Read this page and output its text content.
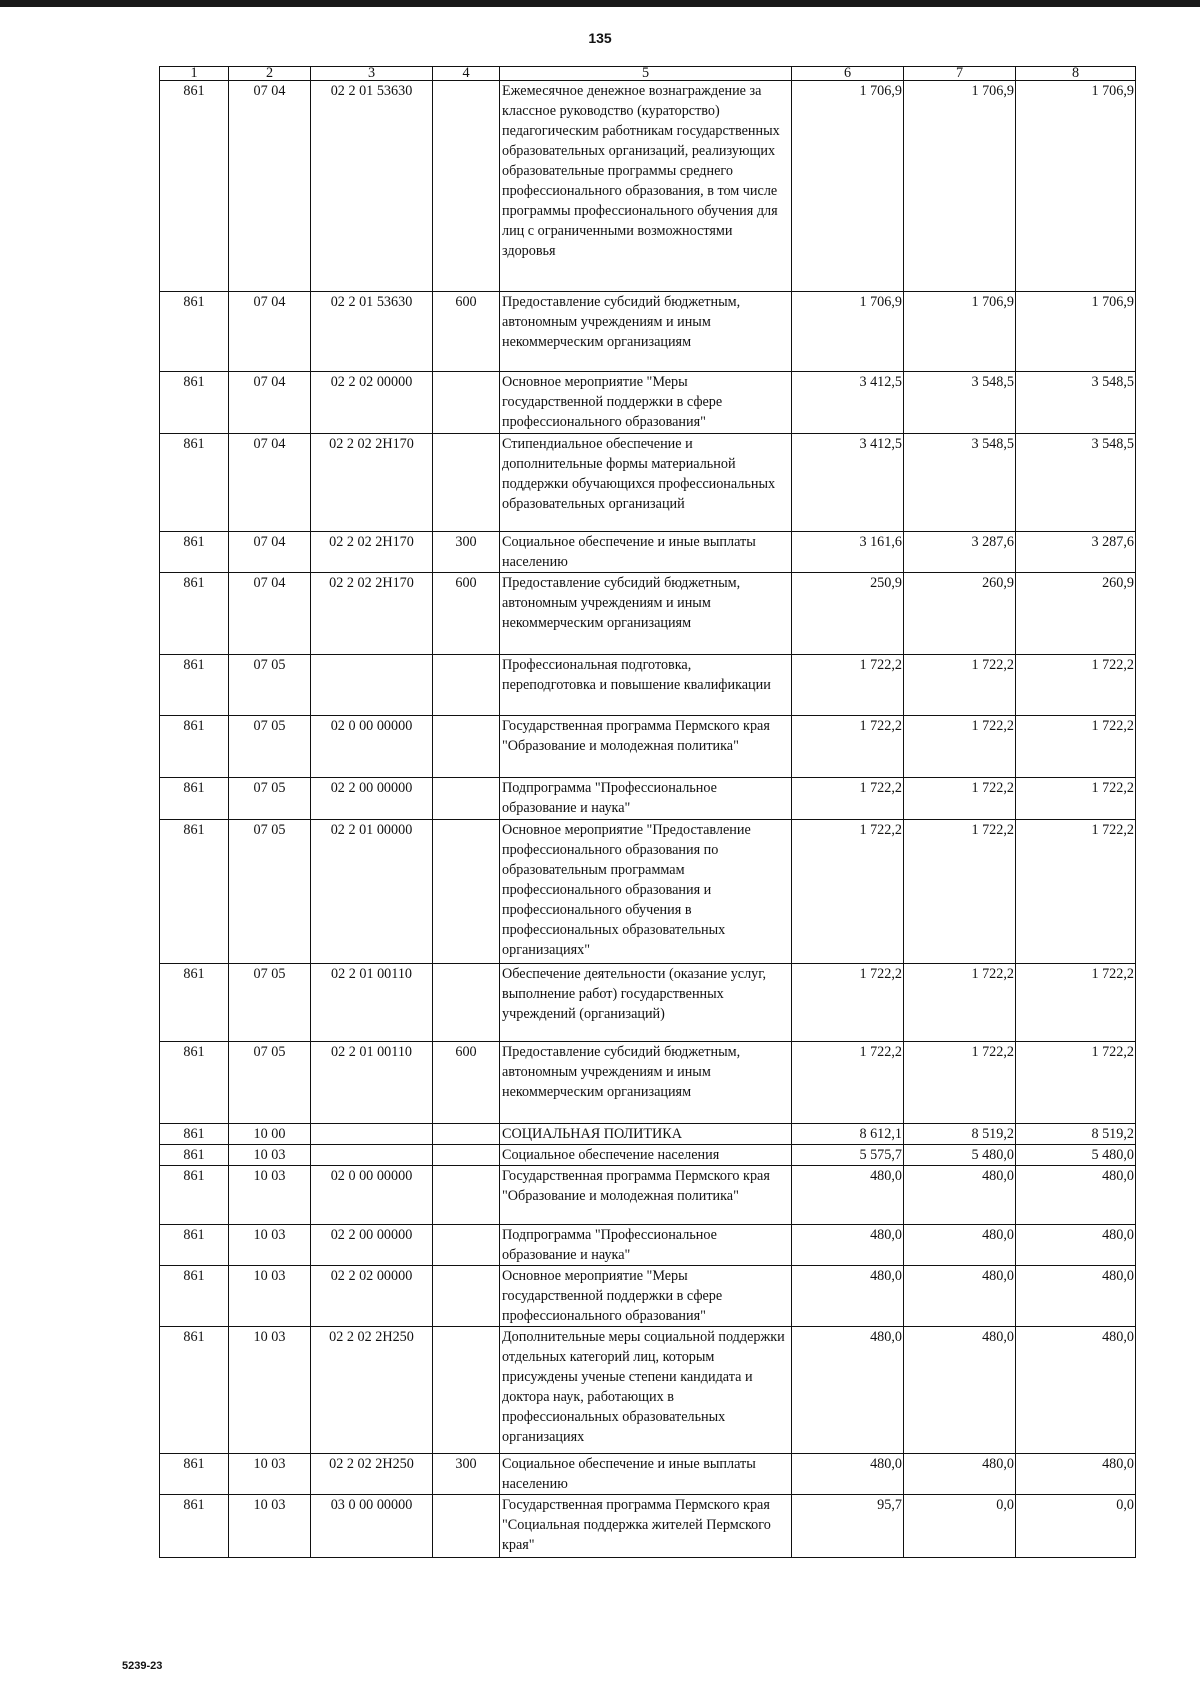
135
1	2	3	4	5	6	7	8
861	07 04	02 2 01 53630		Ежемесячное денежное вознаграждение за классное руководство (кураторство) педагогическим работникам государственных образовательных организаций, реализующих образовательные программы среднего профессионального образования, в том числе программы профессионального обучения для лиц с ограниченными возможностями здоровья	1 706,9	1 706,9	1 706,9
861	07 04	02 2 01 53630	600	Предоставление субсидий бюджетным, автономным учреждениям и иным некоммерческим организациям	1 706,9	1 706,9	1 706,9
861	07 04	02 2 02 00000		Основное мероприятие "Меры государственной поддержки в сфере профессионального образования"	3 412,5	3 548,5	3 548,5
861	07 04	02 2 02 2Н170		Стипендиальное обеспечение и дополнительные формы материальной поддержки обучающихся профессиональных образовательных организаций	3 412,5	3 548,5	3 548,5
861	07 04	02 2 02 2Н170	300	Социальное обеспечение и иные выплаты населению	3 161,6	3 287,6	3 287,6
861	07 04	02 2 02 2Н170	600	Предоставление субсидий бюджетным, автономным учреждениям и иным некоммерческим организациям	250,9	260,9	260,9
861	07 05			Профессиональная подготовка, переподготовка и повышение квалификации	1 722,2	1 722,2	1 722,2
861	07 05	02 0 00 00000		Государственная программа Пермского края "Образование и молодежная политика"	1 722,2	1 722,2	1 722,2
861	07 05	02 2 00 00000		Подпрограмма "Профессиональное образование и наука"	1 722,2	1 722,2	1 722,2
861	07 05	02 2 01 00000		Основное мероприятие "Предоставление профессионального образования по образовательным программам профессионального образования и профессионального обучения в профессиональных образовательных организациях"	1 722,2	1 722,2	1 722,2
861	07 05	02 2 01 00110		Обеспечение деятельности (оказание услуг, выполнение работ) государственных учреждений (организаций)	1 722,2	1 722,2	1 722,2
861	07 05	02 2 01 00110	600	Предоставление субсидий бюджетным, автономным учреждениям и иным некоммерческим организациям	1 722,2	1 722,2	1 722,2
861	10 00			СОЦИАЛЬНАЯ ПОЛИТИКА	8 612,1	8 519,2	8 519,2
861	10 03			Социальное обеспечение населения	5 575,7	5 480,0	5 480,0
861	10 03	02 0 00 00000		Государственная программа Пермского края "Образование и молодежная политика"	480,0	480,0	480,0
861	10 03	02 2 00 00000		Подпрограмма "Профессиональное образование и наука"	480,0	480,0	480,0
861	10 03	02 2 02 00000		Основное мероприятие "Меры государственной поддержки в сфере профессионального образования"	480,0	480,0	480,0
861	10 03	02 2 02 2Н250		Дополнительные меры социальной поддержки отдельных категорий лиц, которым присуждены ученые степени кандидата и доктора наук, работающих в профессиональных образовательных организациях	480,0	480,0	480,0
861	10 03	02 2 02 2Н250	300	Социальное обеспечение и иные выплаты населению	480,0	480,0	480,0
861	10 03	03 0 00 00000		Государственная программа Пермского края "Социальная поддержка жителей Пермского края"	95,7	0,0	0,0
5239-23
